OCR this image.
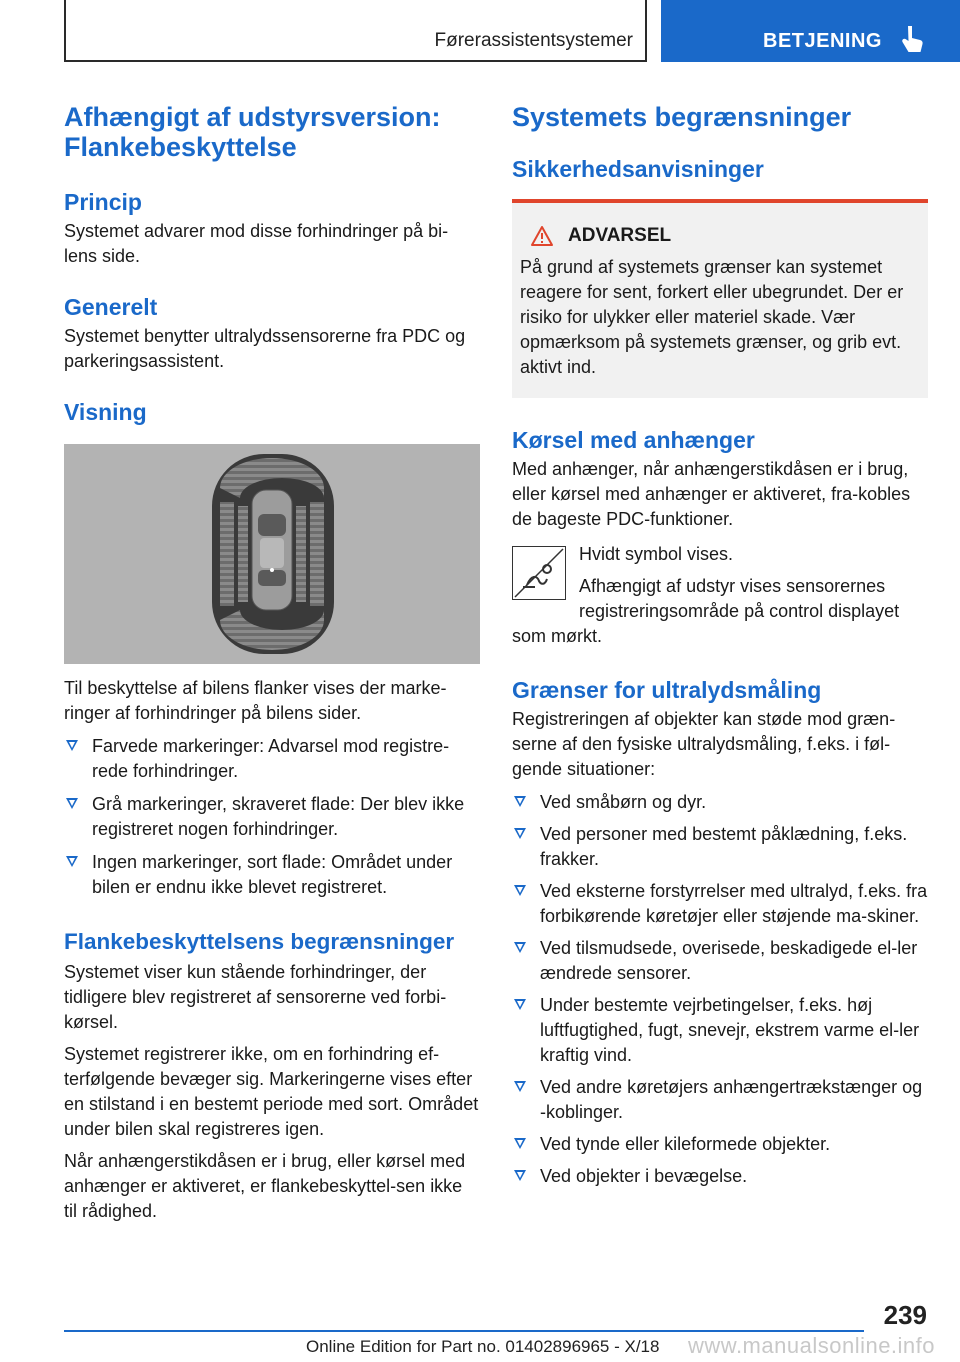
Førerassistentsystemer	BETJENING
Afhængigt af udstyrsversion: Flankebeskyttelse
Princip

Systemet advarer mod disse forhindringer på bi-lens side.

Generelt

Systemet benytter ultralydssensorerne fra PDC og parkeringsassistent.

Visning

Til beskyttelse af bilens flanker vises der marke-ringer af forhindringer på bilens sider.

Farvede markeringer: Advarsel mod registre-rede forhindringer.
Grå markeringer, skraveret flade: Der blev ikke registreret nogen forhindringer.
Ingen markeringer, sort flade: Området under bilen er endnu ikke blevet registreret.
Flankebeskyttelsens begrænsninger

Systemet viser kun stående forhindringer, der tidligere blev registreret af sensorerne ved forbi-kørsel.

Systemet registrerer ikke, om en forhindring ef-terfølgende bevæger sig. Markeringerne vises efter en stilstand i en bestemt periode med sort. Området under bilen skal registreres igen.

Når anhængerstikdåsen er i brug, eller kørsel med anhænger er aktiveret, er flankebeskyttel-sen ikke til rådighed.

Systemets begrænsninger
Sikkerhedsanvisninger
ADVARSEL

På grund af systemets grænser kan systemet reagere for sent, forkert eller ubegrundet. Der er risiko for ulykker eller materiel skade. Vær opmærksom på systemets grænser, og grib evt. aktivt ind.

Kørsel med anhænger

Med anhænger, når anhængerstikdåsen er i brug, eller kørsel med anhænger er aktiveret, fra-kobles de bageste PDC-funktioner.

Hvidt symbol vises.

Afhængigt af udstyr vises sensorernes registreringsområde på control displayet

som mørkt.

Grænser for ultralydsmåling

Registreringen af objekter kan støde mod græn-serne af den fysiske ultralydsmåling, f.eks. i føl-gende situationer:

Ved småbørn og dyr.
Ved personer med bestemt påklædning, f.eks. frakker.
Ved eksterne forstyrrelser med ultralyd, f.eks. fra forbikørende køretøjer eller støjende ma-skiner.
Ved tilsmudsede, overisede, beskadigede el-ler ændrede sensorer.
Under bestemte vejrbetingelser, f.eks. høj luftfugtighed, fugt, snevejr, ekstrem varme el-ler kraftig vind.
Ved andre køretøjers anhængertrækstænger og -koblinger.
Ved tynde eller kileformede objekter.
Ved objekter i bevægelse.
239
Online Edition for Part no. 01402896965 - X/18 www.manualsonline.info
